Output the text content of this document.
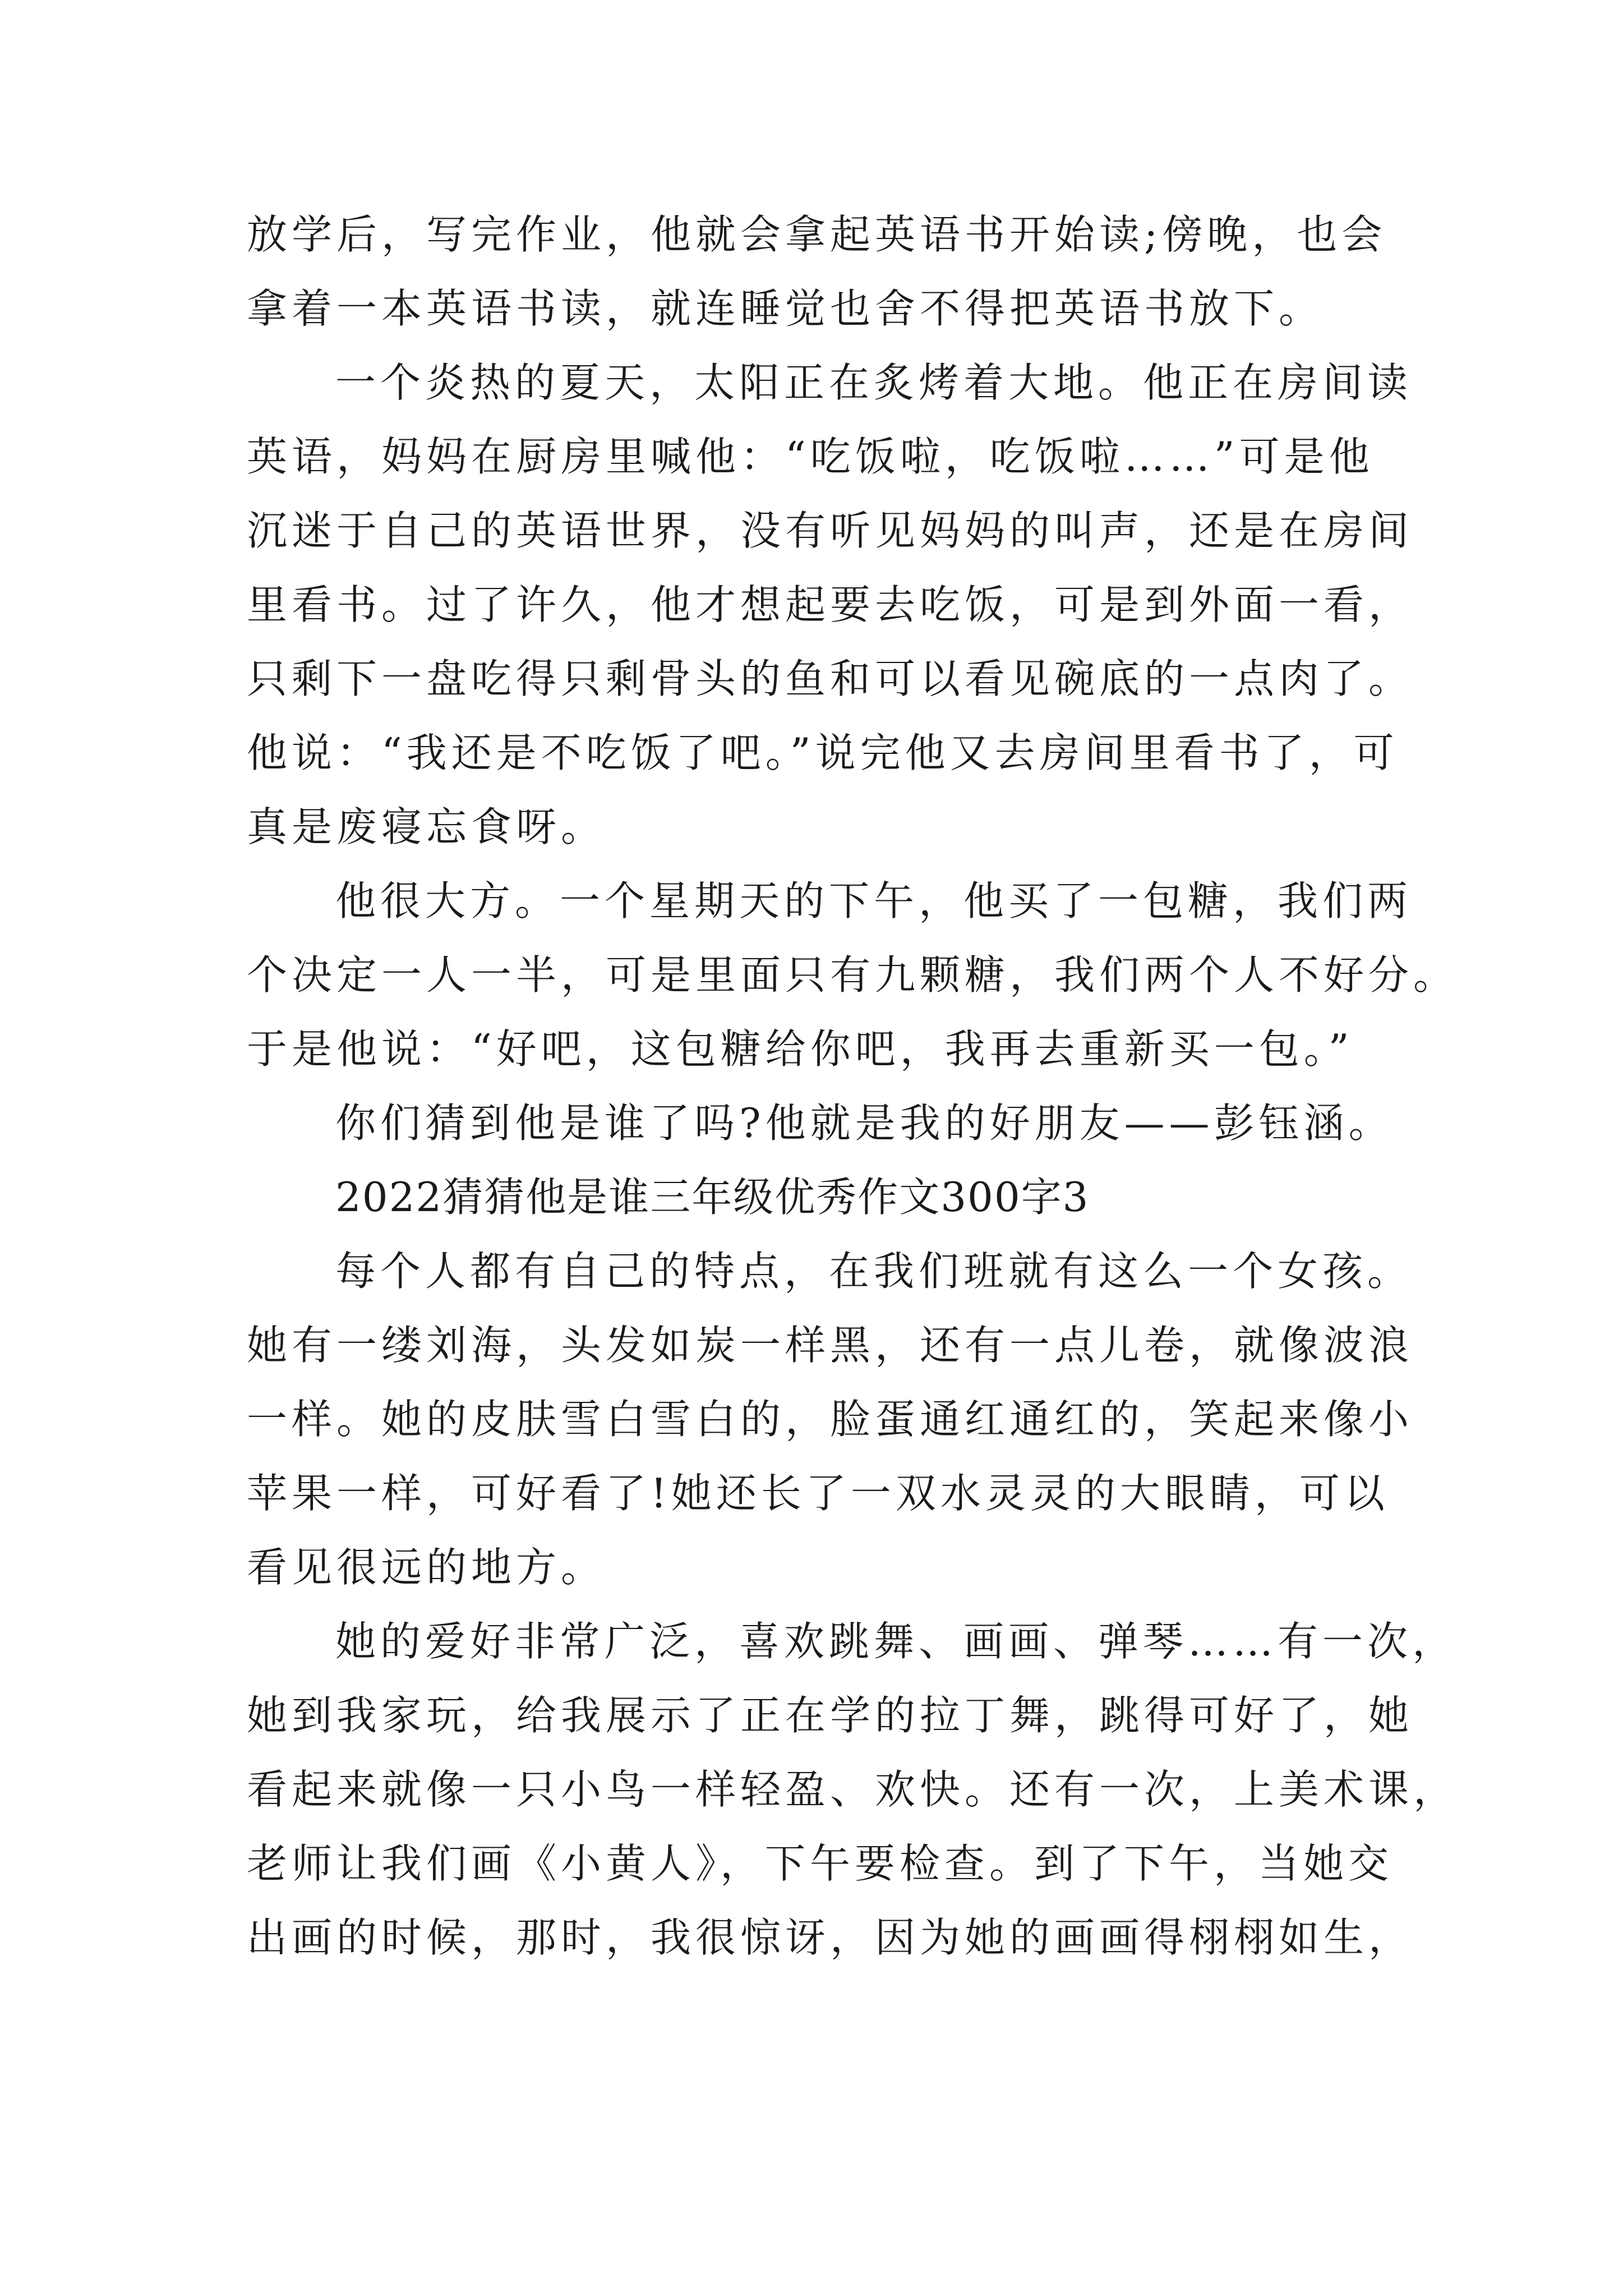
放学后，写完作业，他就会拿起英语书开始读;傍晚，也会
拿着一本英语书读，就连睡觉也舍不得把英语书放下。
一个炎热的夏天，太阳正在炙烤着大地。他正在房间读
英语，妈妈在厨房里喊他：“吃饭啦，吃饭啦……”可是他
沉迷于自己的英语世界，没有听见妈妈的叫声，还是在房间
里看书。过了许久，他才想起要去吃饭，可是到外面一看，
只剩下一盘吃得只剩骨头的鱼和可以看见碗底的一点肉了。
他说：“我还是不吃饭了吧。”说完他又去房间里看书了，可
真是废寝忘食呀。
他很大方。一个星期天的下午，他买了一包糖，我们两
个决定一人一半，可是里面只有九颗糖，我们两个人不好分。
于是他说：“好吧，这包糖给你吧，我再去重新买一包。”
你们猜到他是谁了吗?他就是我的好朋友——彭钰涵。
2022猜猜他是谁三年级优秀作文300字3
每个人都有自己的特点，在我们班就有这么一个女孩。
她有一缕刘海，头发如炭一样黑，还有一点儿卷，就像波浪
一样。她的皮肤雪白雪白的，脸蛋通红通红的，笑起来像小
苹果一样，可好看了!她还长了一双水灵灵的大眼睛，可以
看见很远的地方。
她的爱好非常广泛，喜欢跳舞、画画、弹琴……有一次，
她到我家玩，给我展示了正在学的拉丁舞，跳得可好了，她
看起来就像一只小鸟一样轻盈、欢快。还有一次，上美术课，
老师让我们画《小黄人》，下午要检查。到了下午，当她交
出画的时候，那时，我很惊讶，因为她的画画得栩栩如生，
